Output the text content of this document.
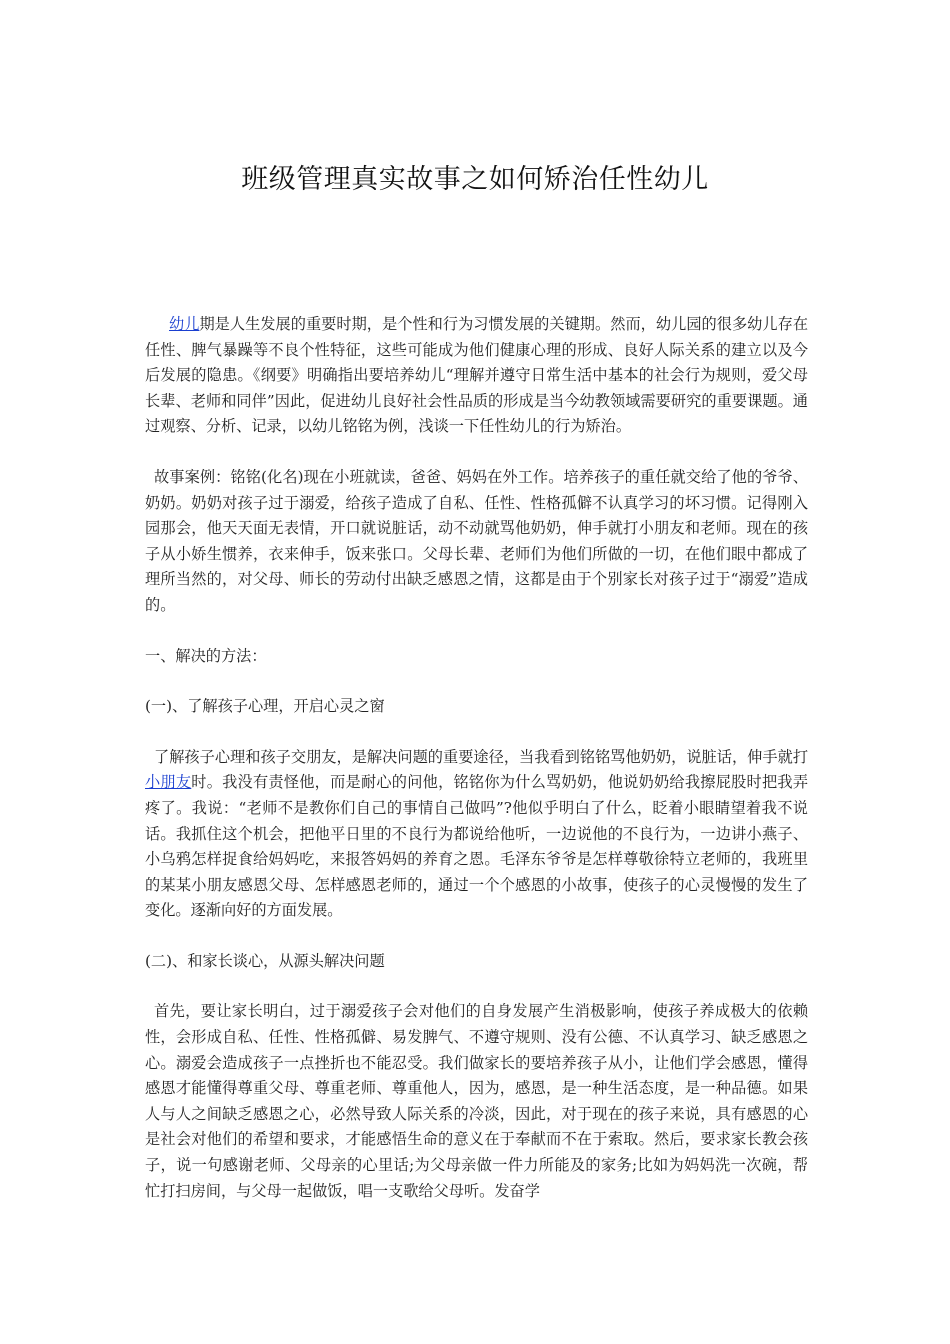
班级管理真实故事之如何矫治任性幼儿

幼儿期是人生发展的重要时期，是个性和行为习惯发展的关键期。然而，幼儿园的很多幼儿存在任性、脾气暴躁等不良个性特征，这些可能成为他们健康心理的形成、良好人际关系的建立以及今后发展的隐患。《纲要》明确指出要培养幼儿“理解并遵守日常生活中基本的社会行为规则，爱父母长辈、老师和同伴”因此，促进幼儿良好社会性品质的形成是当今幼教领域需要研究的重要课题。通过观察、分析、记录，以幼儿铭铭为例，浅谈一下任性幼儿的行为矫治。

故事案例：铭铭(化名)现在小班就读，爸爸、妈妈在外工作。培养孩子的重任就交给了他的爷爷、奶奶。奶奶对孩子过于溺爱，给孩子造成了自私、任性、性格孤僻不认真学习的坏习惯。记得刚入园那会，他天天面无表情，开口就说脏话，动不动就骂他奶奶，伸手就打小朋友和老师。现在的孩子从小娇生惯养，衣来伸手，饭来张口。父母长辈、老师们为他们所做的一切，在他们眼中都成了理所当然的，对父母、师长的劳动付出缺乏感恩之情，这都是由于个别家长对孩子过于“溺爱”造成的。

一、解决的方法：

(一)、了解孩子心理，开启心灵之窗

了解孩子心理和孩子交朋友，是解决问题的重要途径，当我看到铭铭骂他奶奶，说脏话，伸手就打小朋友时。我没有责怪他，而是耐心的问他，铭铭你为什么骂奶奶，他说奶奶给我擦屁股时把我弄疼了。我说：“老师不是教你们自己的事情自己做吗”?他似乎明白了什么，眨着小眼睛望着我不说话。我抓住这个机会，把他平日里的不良行为都说给他听，一边说他的不良行为，一边讲小燕子、小乌鸦怎样捉食给妈妈吃，来报答妈妈的养育之恩。毛泽东爷爷是怎样尊敬徐特立老师的，我班里的某某小朋友感恩父母、怎样感恩老师的，通过一个个感恩的小故事，使孩子的心灵慢慢的发生了变化。逐渐向好的方面发展。

(二)、和家长谈心，从源头解决问题

首先，要让家长明白，过于溺爱孩子会对他们的自身发展产生消极影响，使孩子养成极大的依赖性，会形成自私、任性、性格孤僻、易发脾气、不遵守规则、没有公德、不认真学习、缺乏感恩之心。溺爱会造成孩子一点挫折也不能忍受。我们做家长的要培养孩子从小，让他们学会感恩，懂得感恩才能懂得尊重父母、尊重老师、尊重他人，因为，感恩，是一种生活态度，是一种品德。如果人与人之间缺乏感恩之心，必然导致人际关系的冷淡，因此，对于现在的孩子来说，具有感恩的心是社会对他们的希望和要求，才能感悟生命的意义在于奉献而不在于索取。然后，要求家长教会孩子，说一句感谢老师、父母亲的心里话;为父母亲做一件力所能及的家务;比如为妈妈洗一次碗，帮忙打扫房间，与父母一起做饭，唱一支歌给父母听。发奋学
